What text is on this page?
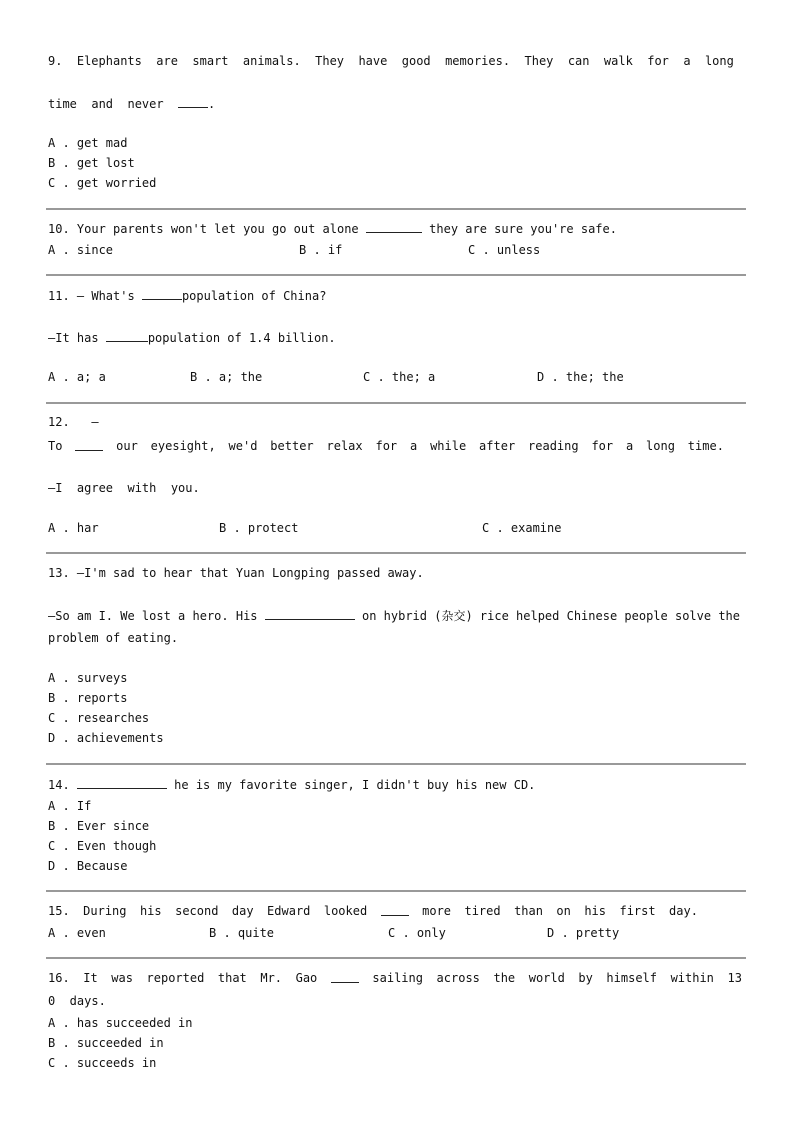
9. Elephants are smart animals. They have good memories. They can walk for a long
time  and  never	.
A . get mad
B . get lost
C . get worried
10. Your parents won't let you go out alone	they are sure you're safe.
A . since	B . if	C . unless
11. — What's	population of China?
—It has	population of 1.4 billion.
A . a; a	B . a; the	C . the; a	D . the; the
12.   —
To	our eyesight, we'd better relax for a while after reading for a long time.
—I  agree  with  you.
A . har	B . protect	C . examine
13. —I'm sad to hear that Yuan Longping passed away.
—So am I. We lost a hero. His	on hybrid (杂交) rice helped Chinese people solve the
problem of eating.
A . surveys
B . reports
C . researches
D . achievements
14.	he is my favorite singer, I didn't buy his new CD.
A . If
B . Ever since
C . Even though
D . Because
15. During his second day Edward looked	more tired than on his first day.
A . even	B . quite	C . only	D . pretty
16. It was reported that Mr. Gao	sailing across the world by himself within 13
0  days.
A . has succeeded in
B . succeeded in
C . succeeds in
